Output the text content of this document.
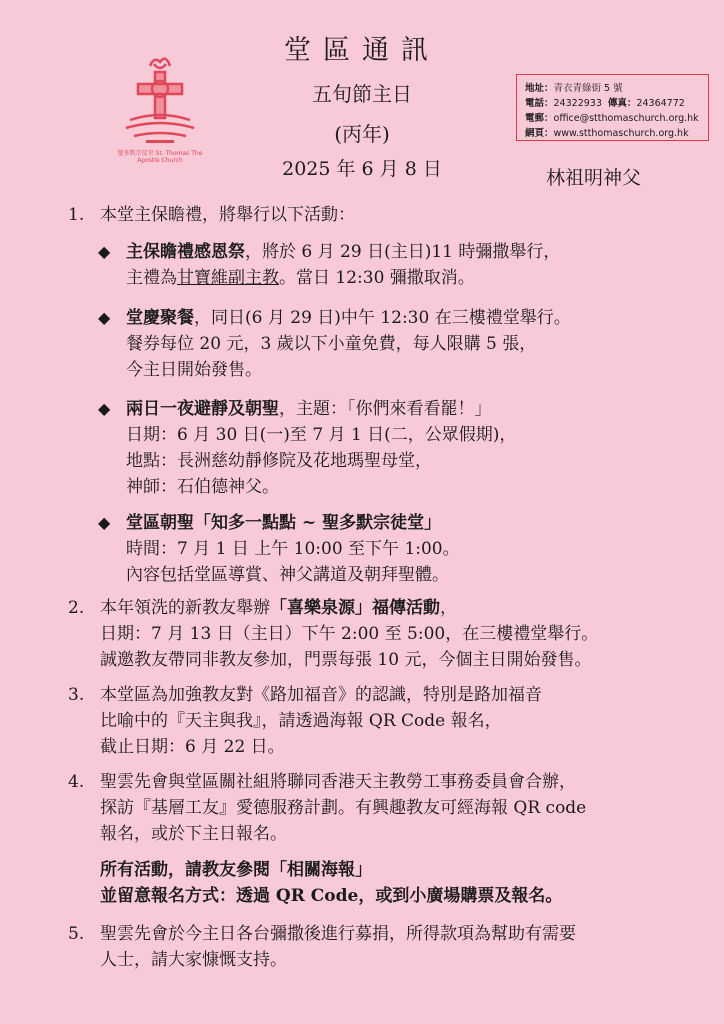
堂區通訊
五旬節主日
(丙年)
2025 年 6 月 8 日	林祖明神父
聖多默宗徒堂 St. Thomas The Apostle Church
地址：青衣青綠街 5 號
電話：24322933 傳真：24364772
電郵：office@stthomaschurch.org.hk
網頁：www.stthomaschurch.org.hk
1. 本堂主保瞻禮，將舉行以下活動：
◆ 主保瞻禮感恩祭，將於 6 月 29 日(主日)11 時彌撒舉行，
主禮為甘寶維副主教。當日 12:30 彌撒取消。
◆ 堂慶聚餐，同日(6 月 29 日)中午 12:30 在三樓禮堂舉行。
餐券每位 20 元，3 歲以下小童免費，每人限購 5 張，
今主日開始發售。
◆ 兩日一夜避靜及朝聖，主題：「你們來看看罷！」
日期：6 月 30 日(一)至 7 月 1 日(二，公眾假期)，
地點：長洲慈幼靜修院及花地瑪聖母堂，
神師：石伯德神父。
◆ 堂區朝聖「知多一點點 ~ 聖多默宗徒堂」
時間：7 月 1 日 上午 10:00 至下午 1:00。
內容包括堂區導賞、神父講道及朝拜聖體。
2. 本年領洗的新教友舉辦「喜樂泉源」福傳活動，
日期：7 月 13 日（主日）下午 2:00 至 5:00，在三樓禮堂舉行。
誠邀教友帶同非教友參加，門票每張 10 元，今個主日開始發售。
3. 本堂區為加強教友對《路加福音》的認識，特別是路加福音
比喻中的『天主與我』，請透過海報 QR Code 報名，
截止日期：6 月 22 日。
4. 聖雲先會與堂區關社組將聯同香港天主教勞工事務委員會合辦，
探訪『基層工友』愛德服務計劃。有興趣教友可經海報 QR code
報名，或於下主日報名。
所有活動，請教友參閱「相關海報」
並留意報名方式：透過 QR Code，或到小廣場購票及報名。
5. 聖雲先會於今主日各台彌撒後進行募捐，所得款項為幫助有需要
人士，請大家慷慨支持。
